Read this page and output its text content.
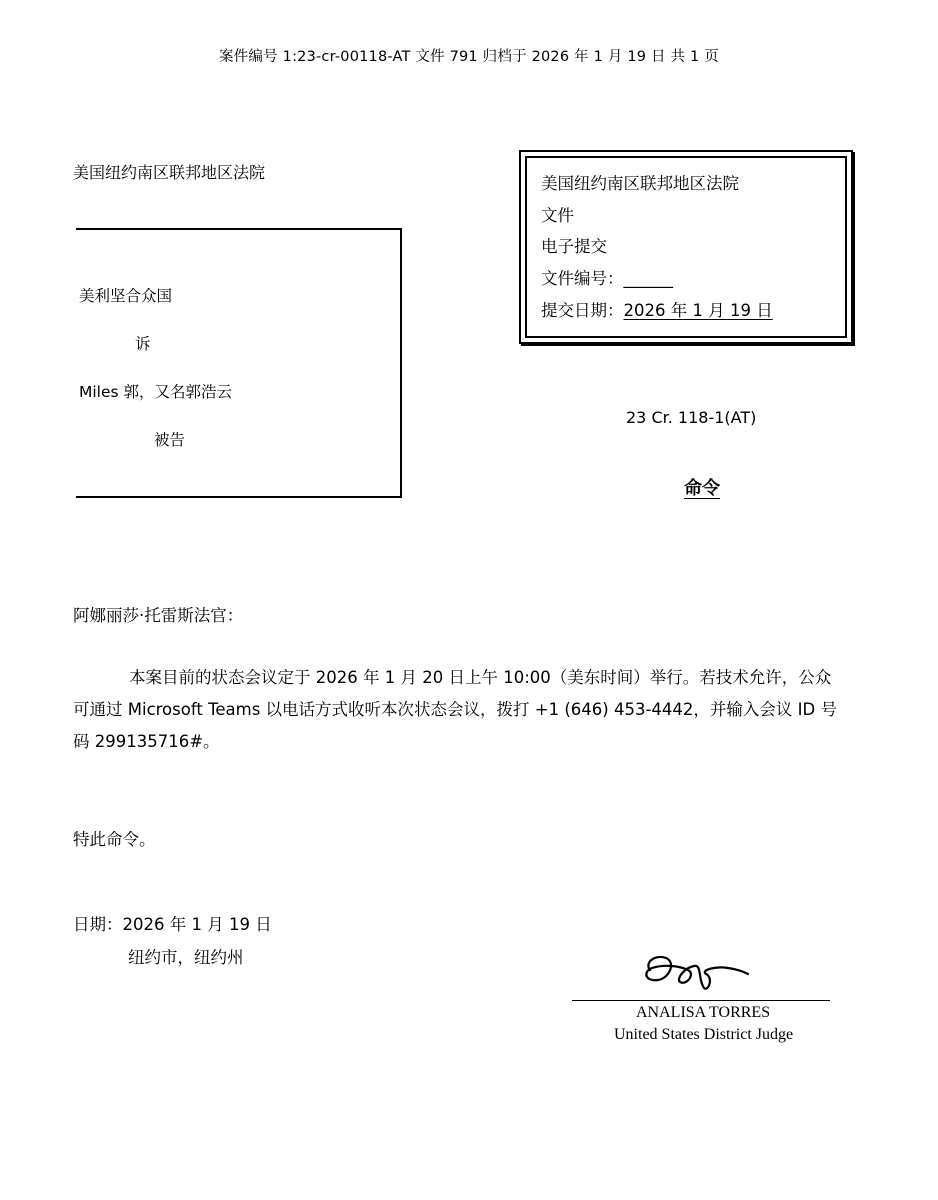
案件编号 1:23-cr-00118-AT 文件 791 归档于 2026 年 1 月 19 日 共 1 页
美国纽约南区联邦地区法院
美利坚合众国
诉
Miles 郭，又名郭浩云
被告
美国纽约南区联邦地区法院
文件
电子提交
文件编号：______
提交日期：2026 年 1 月 19 日
23 Cr. 118-1(AT)
命令
阿娜丽莎·托雷斯法官：
本案目前的状态会议定于 2026 年 1 月 20 日上午 10:00（美东时间）举行。若技术允许，公众可通过 Microsoft Teams 以电话方式收听本次状态会议，拨打 +1 (646) 453-4442，并输入会议 ID 号码 299135716#。
特此命令。
日期：2026 年 1 月 19 日
纽约市，纽约州
ANALISA TORRES
United States District Judge
